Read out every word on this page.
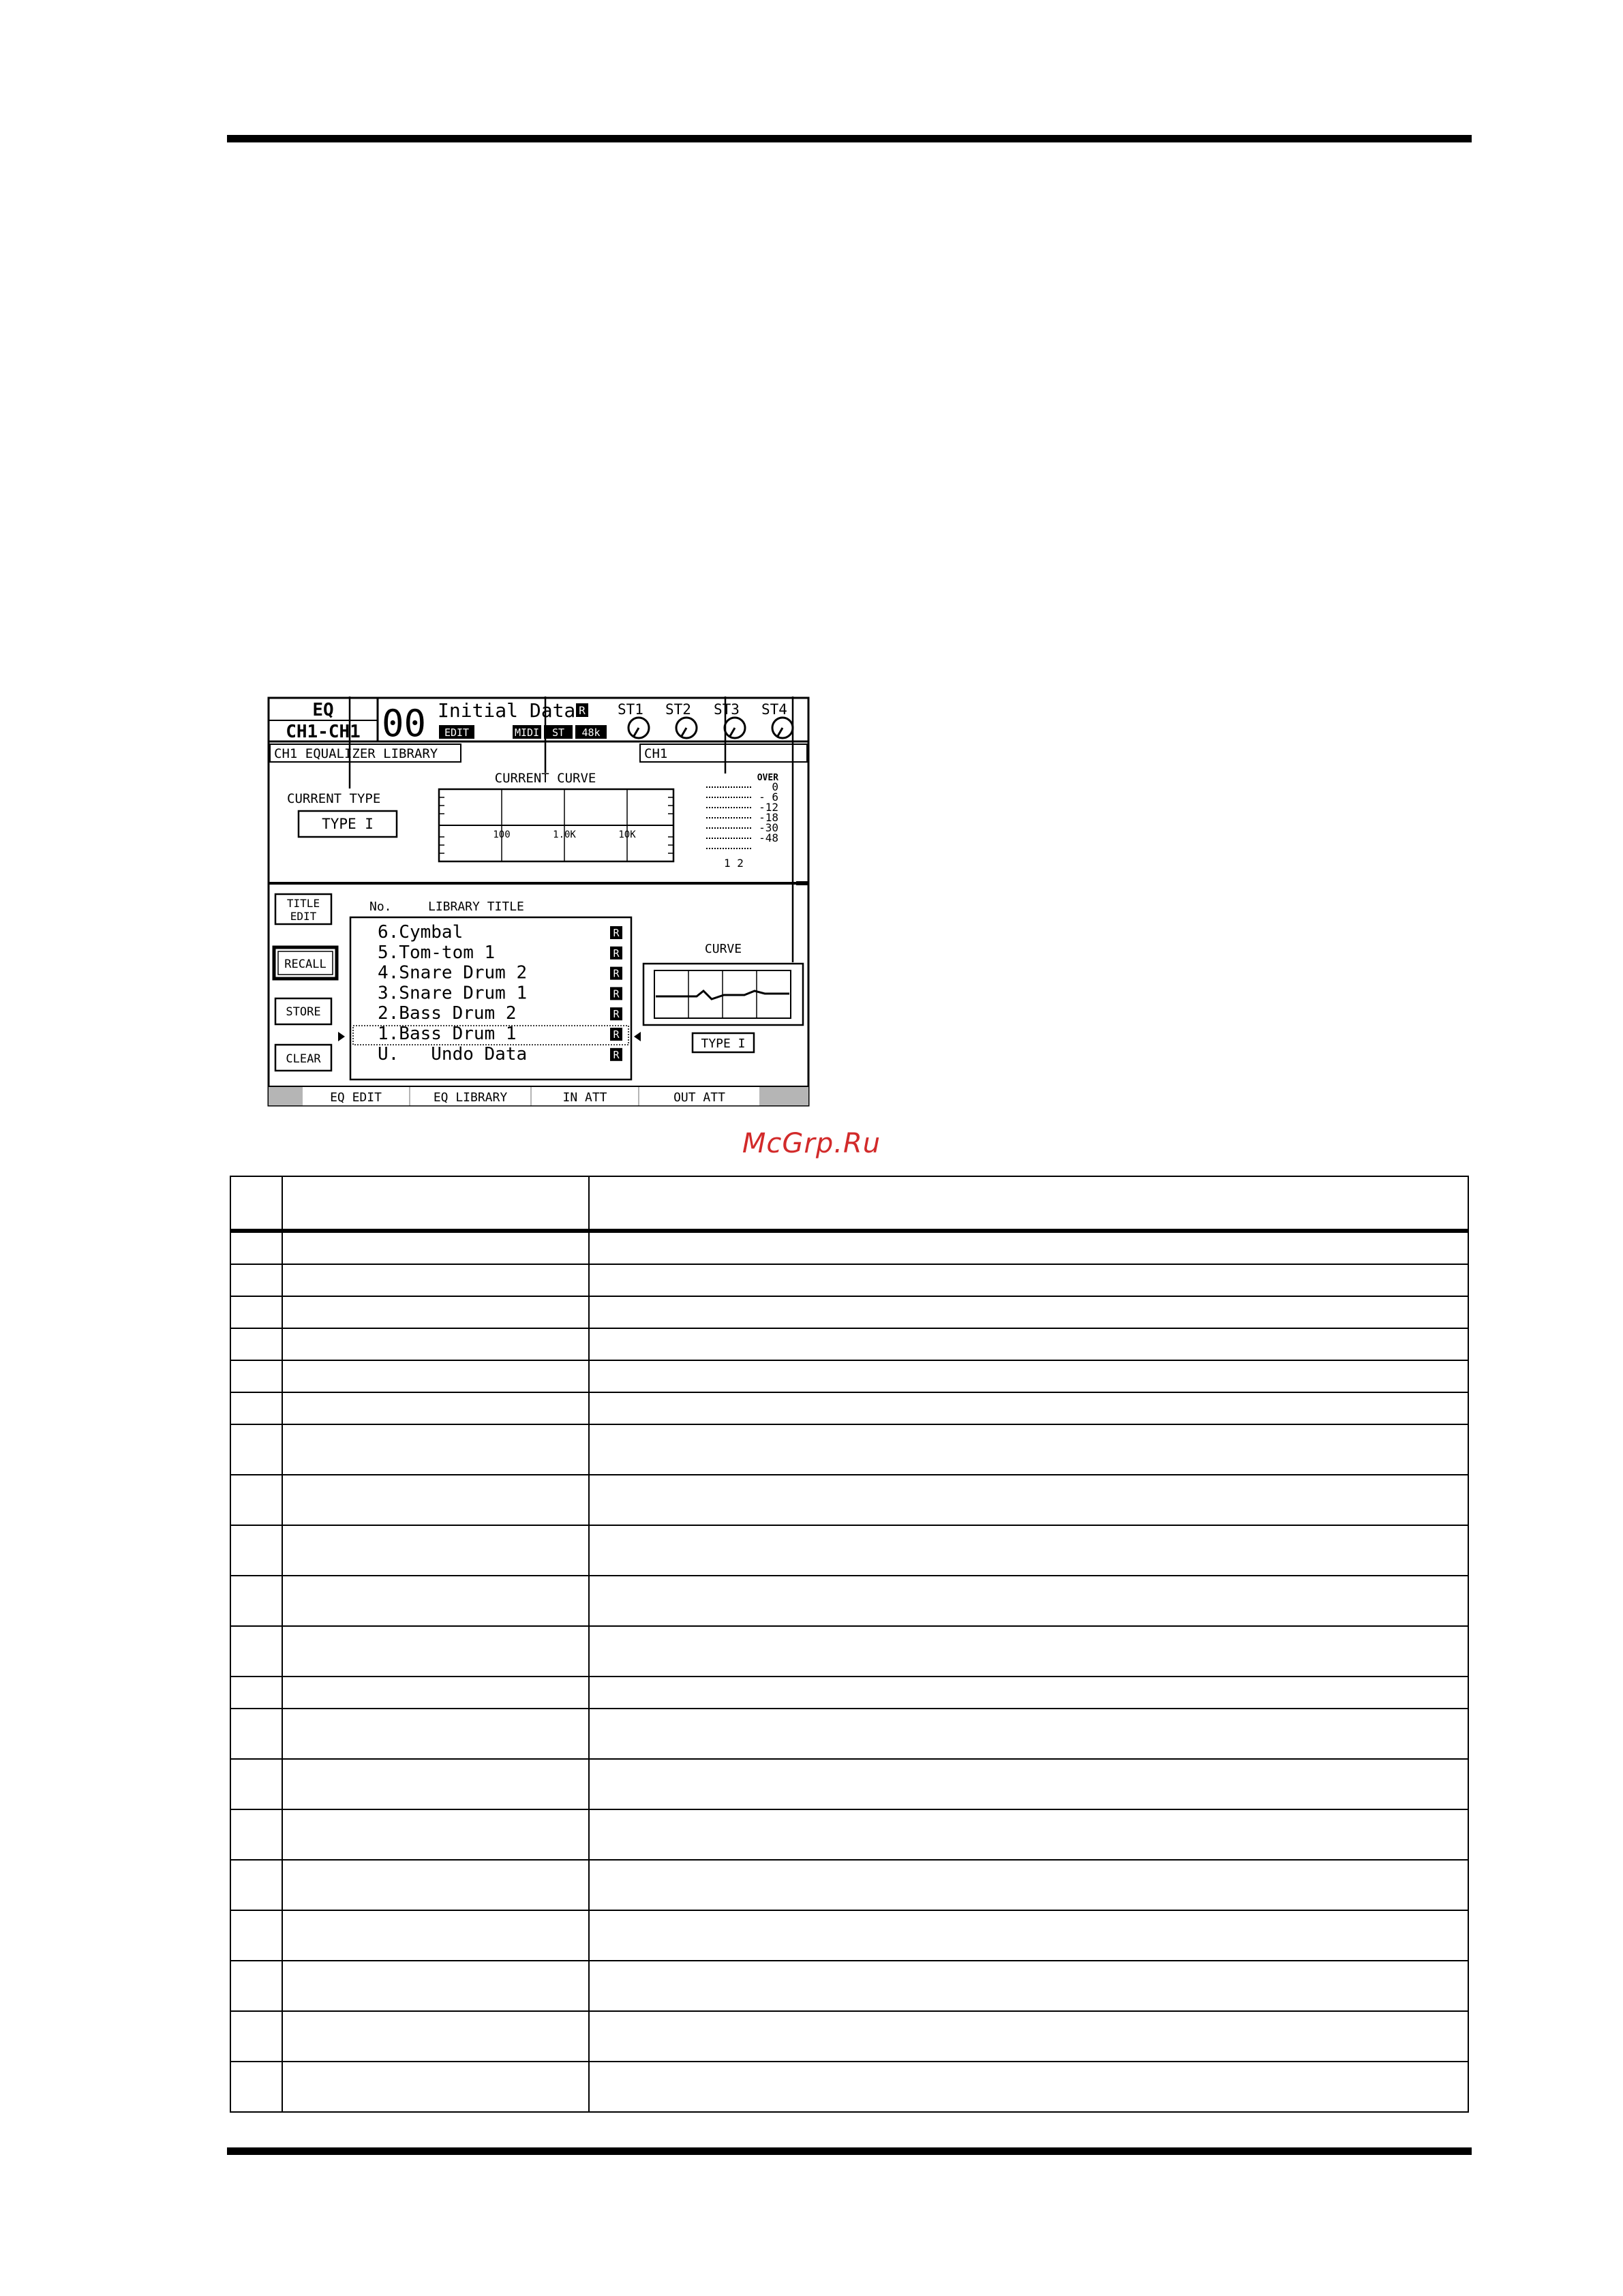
EQ
CH1-CH1 00 Initial Data R
EDIT	MIDI ST 48k
ST1 ST2 ST3 ST4
CH1 EQUALIZER LIBRARY	CH1
CURRENT TYPE
TYPE I
CURRENT CURVE
100	1.0K	10K
OVER
0
- 6
-12
-18
-30
-48
1 2
TITLE
EDIT
RECALL
STORE
CLEAR
No.	LIBRARY TITLE
6.Cymbal	R
5.Tom-tom 1	R
4.Snare Drum 2	R
3.Snare Drum 1	R
2.Bass Drum 2	R
1.Bass Drum 1	R
U.   Undo Data	R
CURVE
TYPE I
EQ EDIT	EQ LIBRARY	IN ATT	OUT ATT
McGrp.Ru
